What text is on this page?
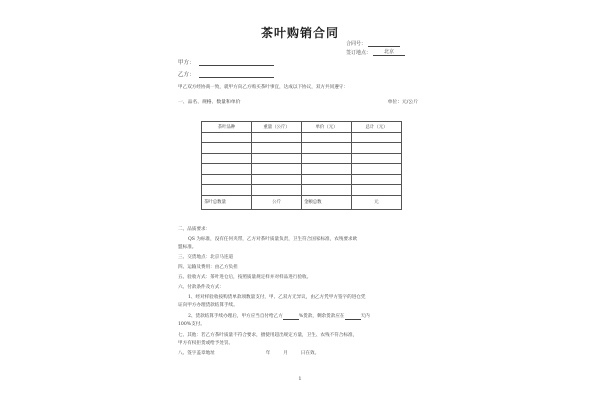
茶叶购销合同
合同号：
签订地点：	北京
甲方：
乙方：
甲乙双方经协商一致，就甲方向乙方购买茶叶事宜，达成以下协议，双方共同遵守：
一、品名、规格、数量和单价	单位：元/公斤
茶叶品种	重量（公斤）	单价（元）	总计（元）

茶叶总数量	公斤	金额总数	元
二、品质要求：
QS 为标准，没有任何夹带，乙方对茶叶质量负责，卫生符合国家标准，农残要求欧
盟标准。
三、交货地点：北京马连道
四、运输及费用：由乙方负担
五、验收方式：茶叶进仓后，按照质量规定样并对样品进行验收。
六、付款条件及方式：
1、经对样验收按购货单款项数量支付，甲、乙双方无异议，由乙方凭甲方签字的进仓凭
证向甲方办理货款结算手续。
2、货款结算手续办理后，甲方应当自付给乙方	%货款，剩余货款应在	天内
100%支付。
七、其他：若乙方茶叶质量不符合要求，擅使用超出规定方量，卫生、农残不符合标准，
甲方有权拒货或给予处罚。
八、签字盖章地址	年	月	日在效。
1
